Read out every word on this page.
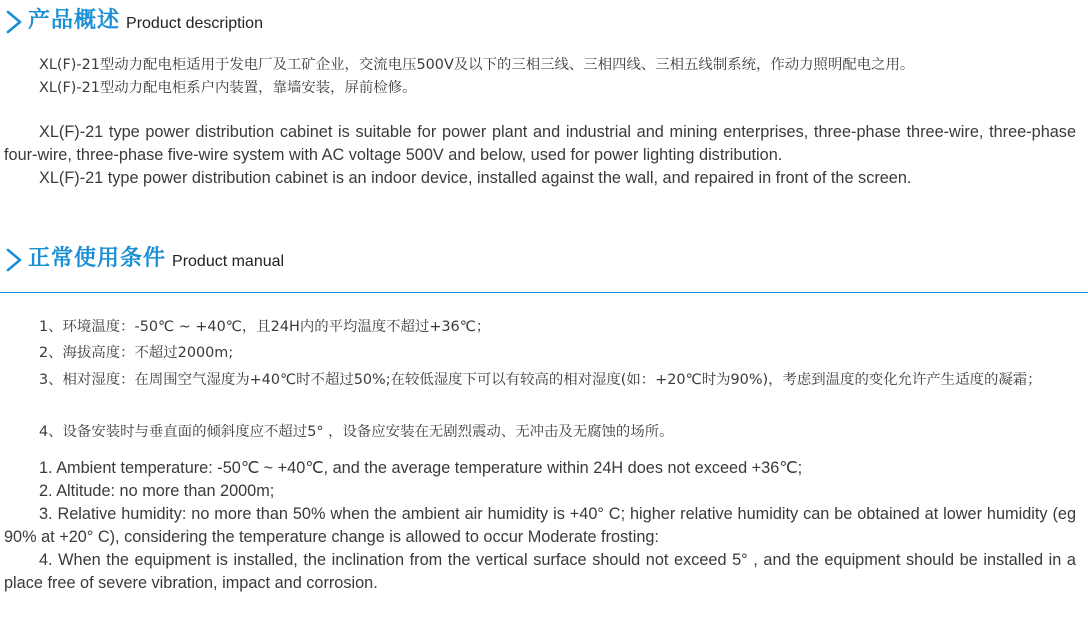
产品概述 Product description

XL(F)-21型动力配电柜适用于发电厂及工矿企业，交流电压500V及以下的三相三线、三相四线、三相五线制系统，作动力照明配电之用。

XL(F)-21型动力配电柜系户内装置，靠墙安装，屏前检修。

XL(F)-21 type power distribution cabinet is suitable for power plant and industrial and mining enterprises, three-phase three-wire, three-phase four-wire, three-phase five-wire system with AC voltage 500V and below, used for power lighting distribution.

XL(F)-21 type power distribution cabinet is an indoor device, installed against the wall, and repaired in front of the screen.

正常使用条件 Product manual

1、环境温度：-50℃ ~ +40℃，且24H内的平均温度不超过+36℃；

2、海拔高度：不超过2000m;

3、相对湿度：在周围空气湿度为+40℃时不超过50%;在较低湿度下可以有较高的相对湿度(如：+20℃时为90%)，考虑到温度的变化允许产生适度的凝霜；

4、设备安装时与垂直面的倾斜度应不超过5° ，设备应安装在无剧烈震动、无冲击及无腐蚀的场所。

1. Ambient temperature: -50℃ ~ +40℃, and the average temperature within 24H does not exceed +36℃;

2. Altitude: no more than 2000m;

3. Relative humidity: no more than 50% when the ambient air humidity is +40° C; higher relative humidity can be obtained at lower humidity (eg 90% at +20° C), considering the temperature change is allowed to occur Moderate frosting:

4. When the equipment is installed, the inclination from the vertical surface should not exceed 5° , and the equipment should be installed in a place free of severe vibration, impact and corrosion.
